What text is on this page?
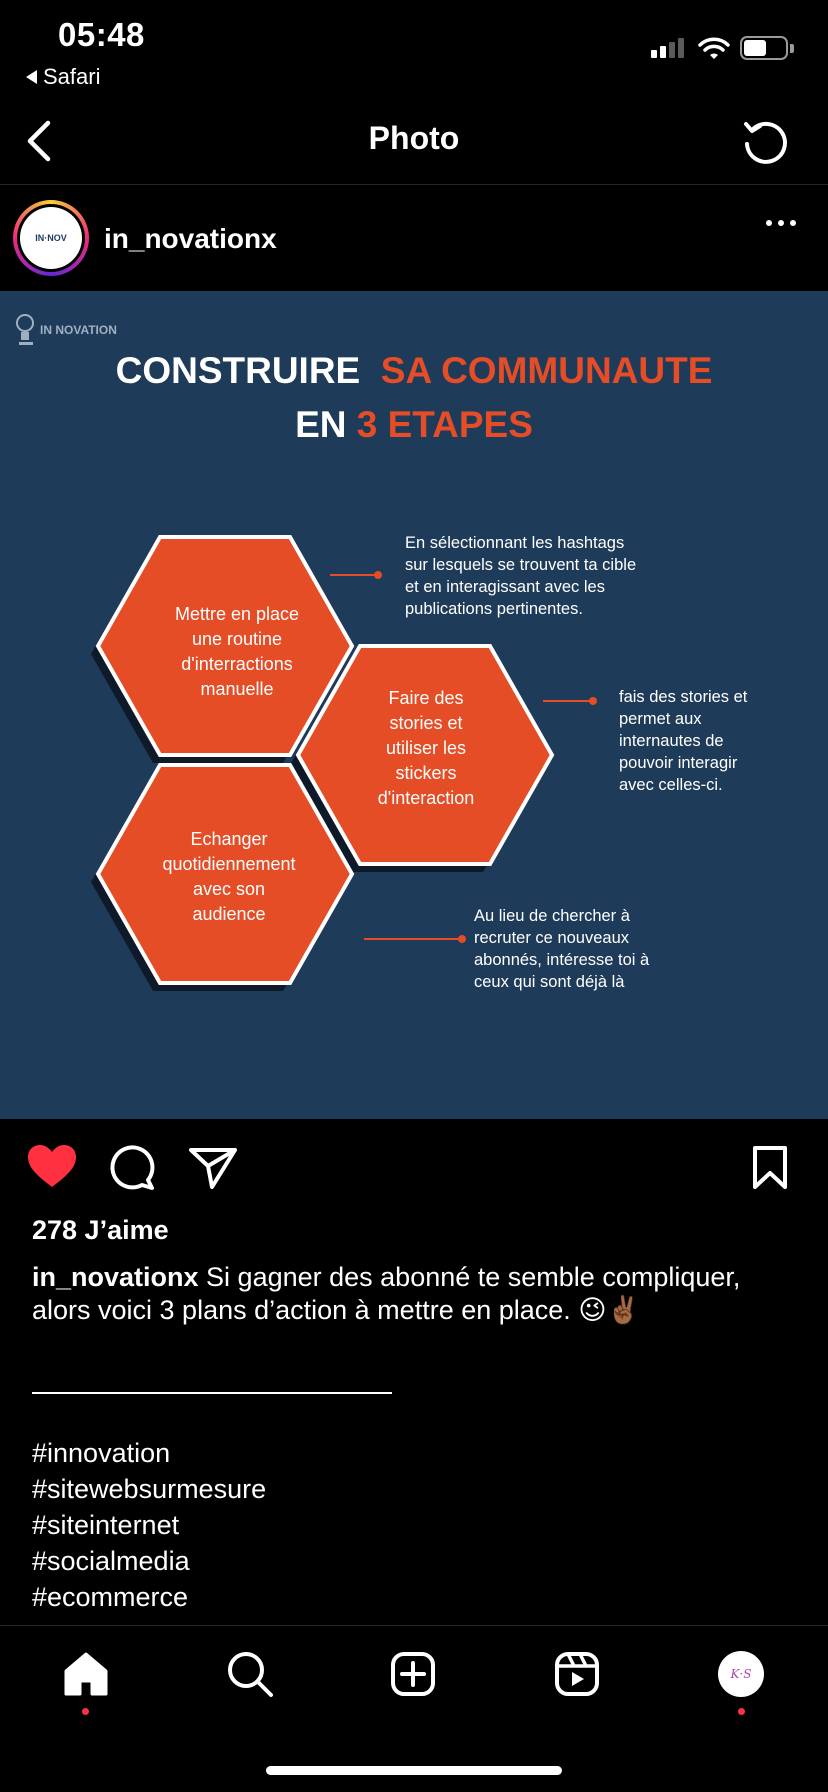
05:48
Safari
Photo
IN·NOV	in_novationx
IN NOVATION
CONSTRUIRE SA COMMUNAUTE
EN 3 ETAPES
Mettre en place
une routine
d'interractions
manuelle	Faire des
stories et
utiliser les
stickers
d'interaction
Echanger
quotidiennement
avec son
audience
En sélectionnant les hashtags
sur lesquels se trouvent ta cible
et en interagissant avec les
publications pertinentes.
fais des stories et
permet aux
internautes de
pouvoir interagir
avec celles-ci.
Au lieu de chercher à
recruter ce nouveaux
abonnés, intéresse toi à
ceux qui sont déjà là
278 J’aime
in_novationx Si gagner des abonné te semble compliquer, alors voici 3 plans d’action à mettre en place. 😉✌🏾
#innovation
#sitewebsurmesure
#siteinternet
#socialmedia
#ecommerce
K·S
